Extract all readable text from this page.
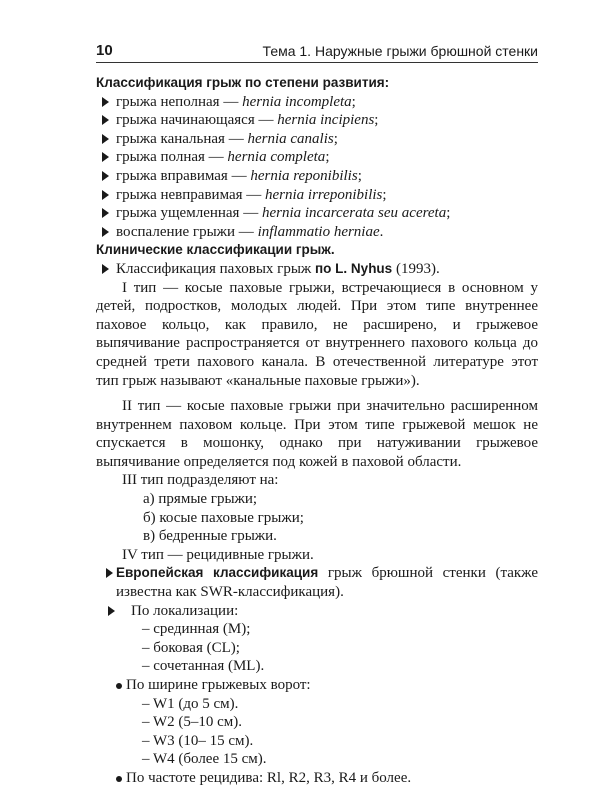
10	Тема 1. Наружные грыжи брюшной стенки

Классификация грыж по степени развития:

грыжа неполная — hernia incompleta;

грыжа начинающаяся — hernia incipiens;

грыжа канальная — hernia canalis;

грыжа полная — hernia completa;

грыжа вправимая — hernia reponibilis;

грыжа невправимая — hernia irreponibilis;

грыжа ущемленная — hernia incarcerata seu acereta;

воспаление грыжи — inflammatio herniae.

Клинические классификации грыж.

Классификация паховых грыж по L. Nyhus (1993).

I тип — косые паховые грыжи, встречающиеся в основном у детей, подростков, молодых людей. При этом типе внутреннее паховое кольцо, как правило, не расширено, и грыжевое выпячивание распространяется от внутреннего пахового кольца до средней трети пахового канала. В отечественной литературе этот тип грыж называют «канальные паховые грыжи»).

II тип — косые паховые грыжи при значительно расширенном внутреннем паховом кольце. При этом типе грыжевой мешок не спускается в мошонку, однако при натуживании грыжевое выпячивание определяется под кожей в паховой области.

III тип подразделяют на:

а) прямые грыжи;

б) косые паховые грыжи;

в) бедренные грыжи.

IV тип — рецидивные грыжи.

Европейская классификация грыж брюшной стенки (также известна как SWR-классификация).

По локализации:

– срединная (M);

– боковая (CL);

– сочетанная (ML).

По ширине грыжевых ворот:

– W1 (до 5 см).

– W2 (5–10 см).

– W3 (10– 15 см).

– W4 (более 15 см).

По частоте рецидива: Rl, R2, R3, R4 и более.
